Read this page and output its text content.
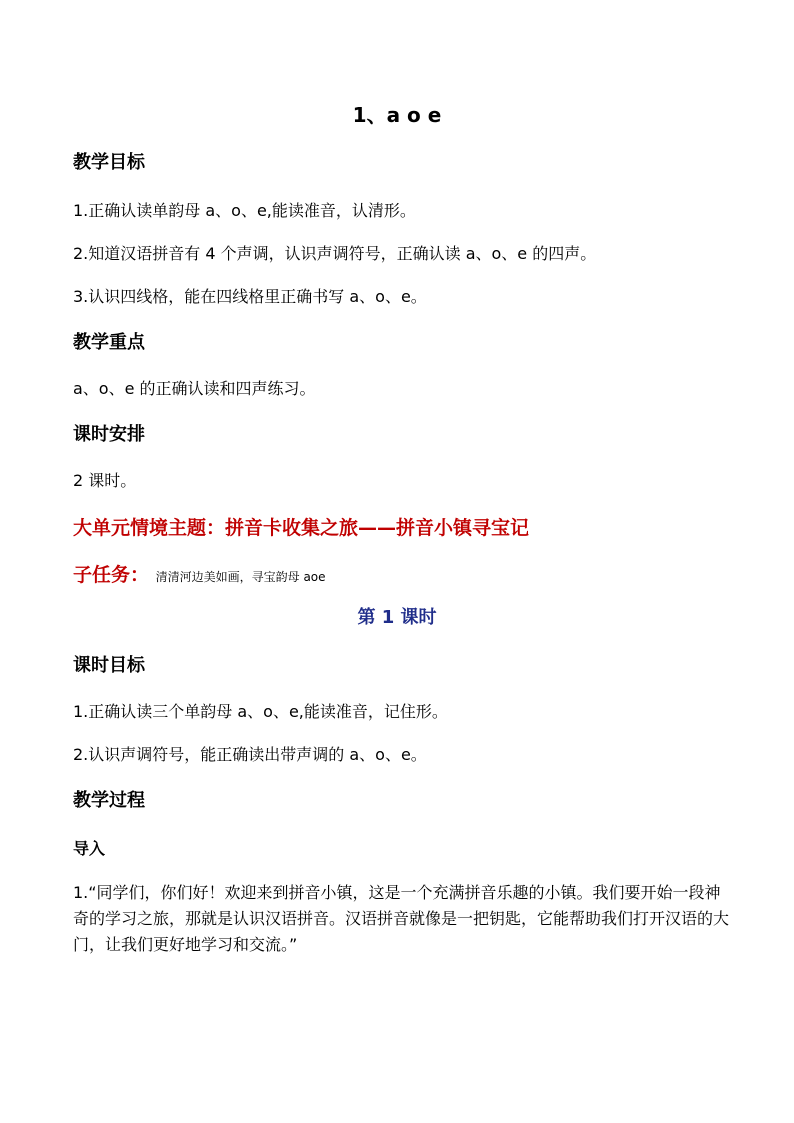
1、a o e
教学目标
1.正确认读单韵母 a、o、e,能读准音，认清形。
2.知道汉语拼音有 4 个声调，认识声调符号，正确认读 a、o、e 的四声。
3.认识四线格，能在四线格里正确书写 a、o、e。
教学重点
a、o、e 的正确认读和四声练习。
课时安排
2 课时。
大单元情境主题：拼音卡收集之旅——拼音小镇寻宝记
子任务： 清清河边美如画，寻宝韵母 aoe
第 1 课时
课时目标
1.正确认读三个单韵母 a、o、e,能读准音，记住形。
2.认识声调符号，能正确读出带声调的 a、o、e。
教学过程
导入
1.“同学们，你们好！欢迎来到拼音小镇，这是一个充满拼音乐趣的小镇。我们要开始一段神奇的学习之旅，那就是认识汉语拼音。汉语拼音就像是一把钥匙，它能帮助我们打开汉语的大门，让我们更好地学习和交流。”
